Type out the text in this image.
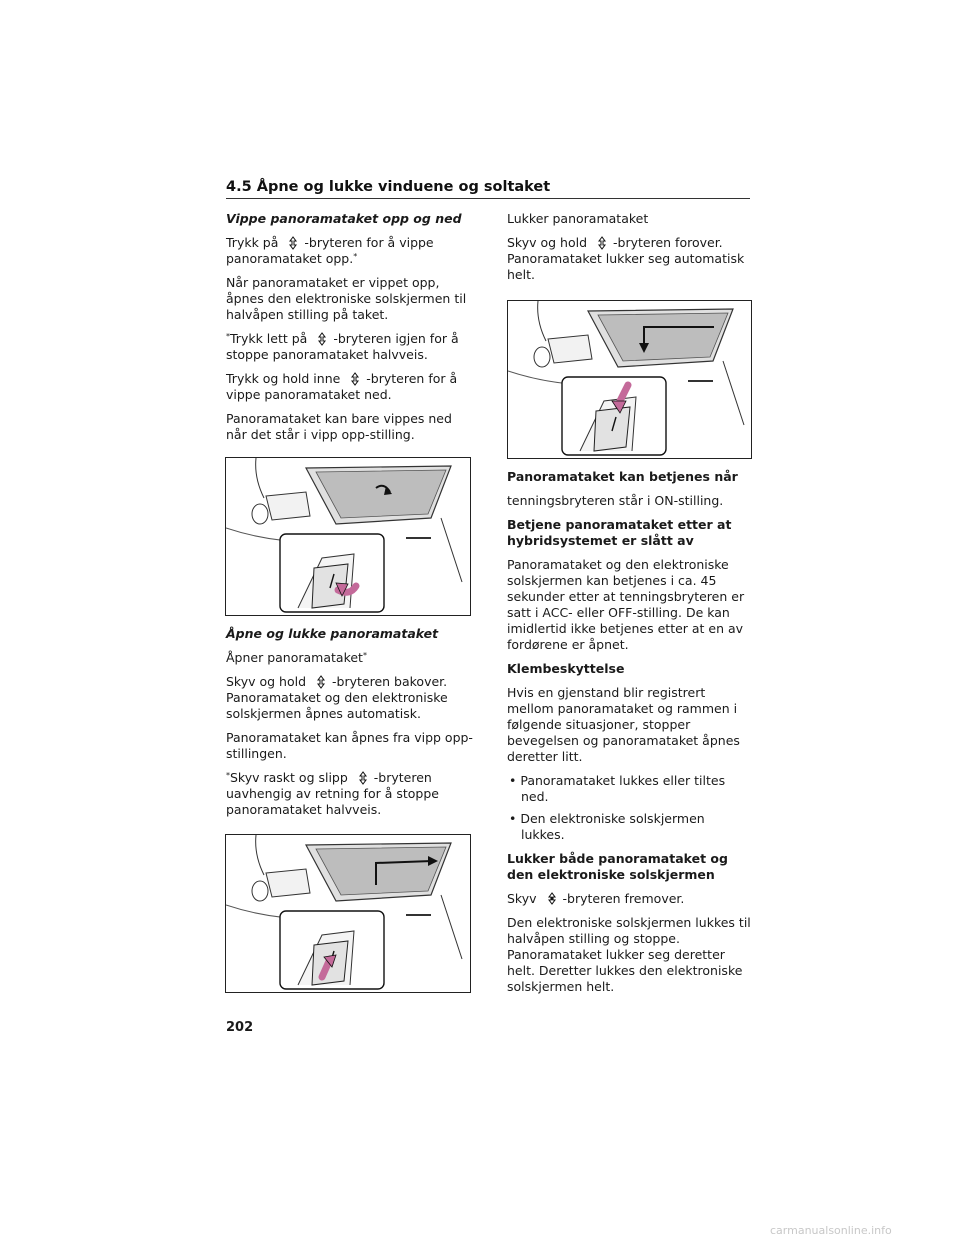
4.5 Åpne og lukke vinduene og soltaket

Vippe panoramataket opp og ned

Trykk på -bryteren for å vippe panoramataket opp.*

Når panoramataket er vippet opp, åpnes den elektroniske solskjermen til halvåpen stilling på taket.

*Trykk lett på -bryteren igjen for å stoppe panoramataket halvveis.

Trykk og hold inne -bryteren for å vippe panoramataket ned.

Panoramataket kan bare vippes ned når det står i vipp opp-stilling.

Åpne og lukke panoramataket

Åpner panoramataket*

Skyv og hold -bryteren bakover. Panoramataket og den elektroniske solskjermen åpnes automatisk.

Panoramataket kan åpnes fra vipp opp-stillingen.

*Skyv raskt og slipp -bryteren uavhengig av retning for å stoppe panoramataket halvveis.

Lukker panoramataket

Skyv og hold -bryteren forover. Panoramataket lukker seg automatisk helt.

Panoramataket kan betjenes når

tenningsbryteren står i ON-stilling.

Betjene panoramataket etter at hybridsystemet er slått av

Panoramataket og den elektroniske solskjermen kan betjenes i ca. 45 sekunder etter at tenningsbryteren er satt i ACC- eller OFF-stilling. De kan imidlertid ikke betjenes etter at en av fordørene er åpnet.

Klembeskyttelse

Hvis en gjenstand blir registrert mellom panoramataket og rammen i følgende situasjoner, stopper bevegelsen og panoramataket åpnes deretter litt.

• Panoramataket lukkes eller tiltes ned.
• Den elektroniske solskjermen lukkes.

Lukker både panoramataket og den elektroniske solskjermen

Skyv -bryteren fremover.

Den elektroniske solskjermen lukkes til halvåpen stilling og stoppe. Panoramataket lukker seg deretter helt. Deretter lukkes den elektroniske solskjermen helt.

202
carmanualsonline.info
